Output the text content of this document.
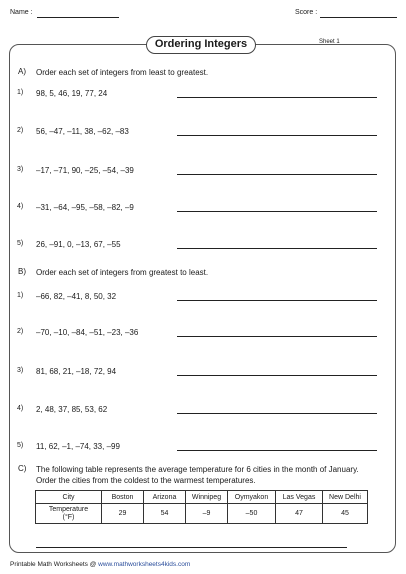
Name :	Score :
Ordering Integers	Sheet 1
A) Order each set of integers from least to greatest.
1) 98, 5, 46, 19, 77, 24
2) 56, –47, –11, 38, –62, –83
3) –17, –71, 90, –25, –54, –39
4) –31, –64, –95, –58, –82, –9
5) 26, –91, 0, –13, 67, –55
B) Order each set of integers from greatest to least.
1) –66, 82, –41, 8, 50, 32
2) –70, –10, –84, –51, –23, –36
3) 81, 68, 21, –18, 72, 94
4) 2, 48, 37, 85, 53, 62
5) 11, 62, –1, –74, 33, –99
C) The following table represents the average temperature for 6 cities in the month of January. Order the cities from the coldest to the warmest temperatures.
City	Boston	Arizona	Winnipeg	Oymyakon	Las Vegas	New Delhi

Temperature
(°F)	29	54	–9	–50	47	45
Printable Math Worksheets @ www.mathworksheets4kids.com
